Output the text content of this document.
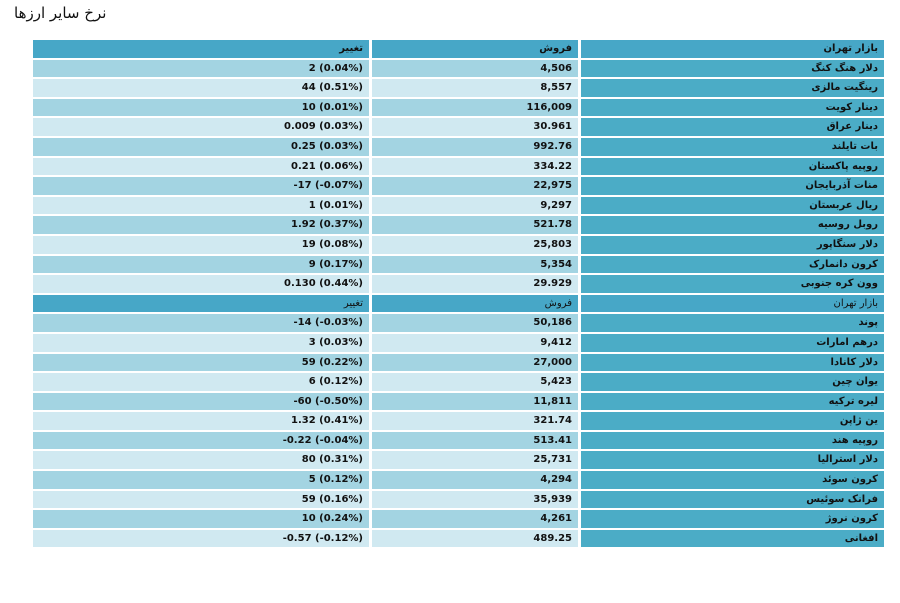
نرخ سایر ارزها
بازار تهران	فروش	تغییر
دلار هنگ کنگ	4,506	2 (0.04%)
رینگیت مالزی	8,557	44 (0.51%)
دینار کویت	116,009	10 (0.01%)
دینار عراق	30.961	0.009 (0.03%)
بات تایلند	992.76	0.25 (0.03%)
روپیه پاکستان	334.22	0.21 (0.06%)
منات آذربایجان	22,975	-17 (-0.07%)
ریال عربستان	9,297	1 (0.01%)
روبل روسیه	521.78	1.92 (0.37%)
دلار سنگاپور	25,803	19 (0.08%)
کرون دانمارک	5,354	9 (0.17%)
وون کره جنوبی	29.929	0.130 (0.44%)
بازار تهران	فروش	تغییر
پوند	50,186	-14 (-0.03%)
درهم امارات	9,412	3 (0.03%)
دلار کانادا	27,000	59 (0.22%)
یوان چین	5,423	6 (0.12%)
لیره ترکیه	11,811	-60 (-0.50%)
ین ژاپن	321.74	1.32 (0.41%)
روپیه هند	513.41	-0.22 (-0.04%)
دلار استرالیا	25,731	80 (0.31%)
کرون سوئد	4,294	5 (0.12%)
فرانک سوئیس	35,939	59 (0.16%)
کرون نروژ	4,261	10 (0.24%)
افغانی	489.25	-0.57 (-0.12%)
